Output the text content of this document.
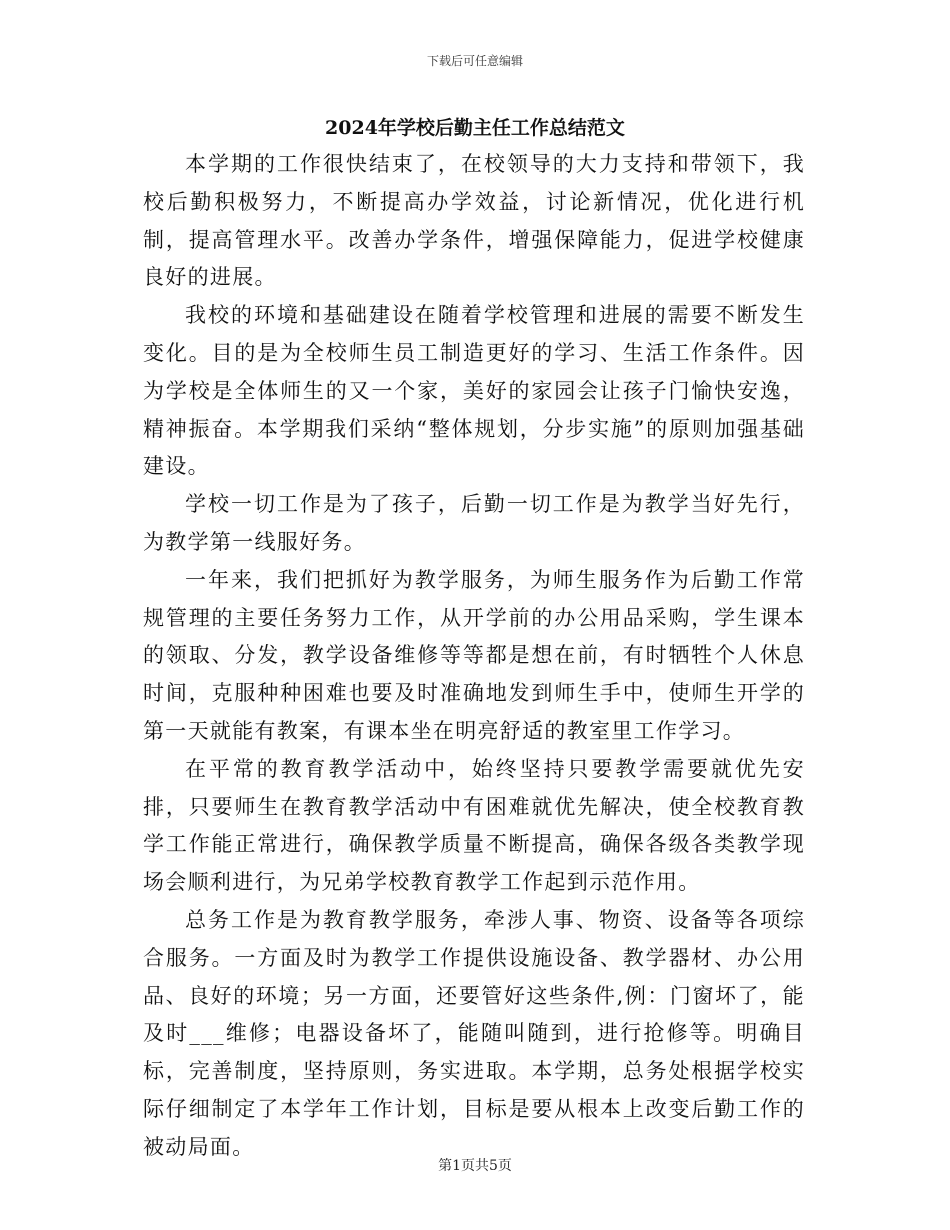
下载后可任意编辑
2024年学校后勤主任工作总结范文

本学期的工作很快结束了，在校领导的大力支持和带领下，我校后勤积极努力，不断提高办学效益，讨论新情况，优化进行机制，提高管理水平。改善办学条件，增强保障能力，促进学校健康良好的进展。

我校的环境和基础建设在随着学校管理和进展的需要不断发生变化。目的是为全校师生员工制造更好的学习、生活工作条件。因为学校是全体师生的又一个家，美好的家园会让孩子门愉快安逸，精神振奋。本学期我们采纳“整体规划，分步实施”的原则加强基础建设。

学校一切工作是为了孩子，后勤一切工作是为教学当好先行，为教学第一线服好务。

一年来，我们把抓好为教学服务，为师生服务作为后勤工作常规管理的主要任务努力工作，从开学前的办公用品采购，学生课本的领取、分发，教学设备维修等等都是想在前，有时牺牲个人休息时间，克服种种困难也要及时准确地发到师生手中，使师生开学的第一天就能有教案，有课本坐在明亮舒适的教室里工作学习。

在平常的教育教学活动中，始终坚持只要教学需要就优先安排，只要师生在教育教学活动中有困难就优先解决，使全校教育教学工作能正常进行，确保教学质量不断提高，确保各级各类教学现场会顺利进行，为兄弟学校教育教学工作起到示范作用。

总务工作是为教育教学服务，牵涉人事、物资、设备等各项综合服务。一方面及时为教学工作提供设施设备、教学器材、办公用品、良好的环境；另一方面，还要管好这些条件,例：门窗坏了，能及时___维修；电器设备坏了，能随叫随到，进行抢修等。明确目标，完善制度，坚持原则，务实进取。本学期，总务处根据学校实际仔细制定了本学年工作计划，目标是要从根本上改变后勤工作的被动局面。

第1页共5页
